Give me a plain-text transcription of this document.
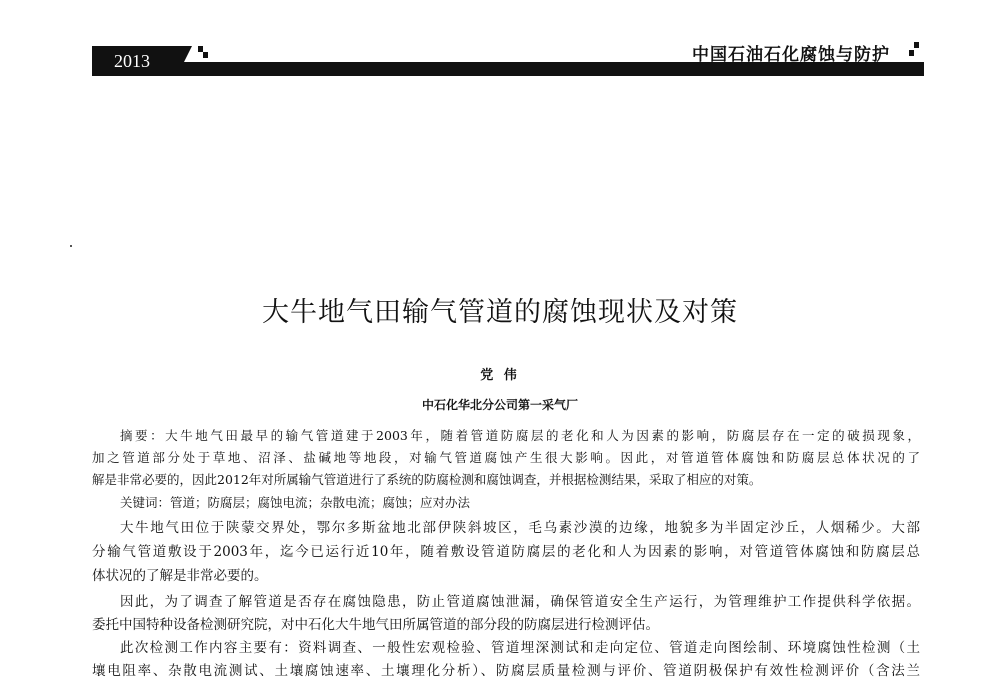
2013	中国石油石化腐蚀与防护
大牛地气田输气管道的腐蚀现状及对策
党 伟
中石化华北分公司第一采气厂
摘要：大牛地气田最早的输气管道建于2003年，随着管道防腐层的老化和人为因素的影响，防腐层存在一定的破损现象，
加之管道部分处于草地、沼泽、盐碱地等地段，对输气管道腐蚀产生很大影响。因此，对管道管体腐蚀和防腐层总体状况的了
解是非常必要的，因此2012年对所属输气管道进行了系统的防腐检测和腐蚀调查，并根据检测结果，采取了相应的对策。
关键词：管道；防腐层；腐蚀电流；杂散电流；腐蚀；应对办法
大牛地气田位于陕蒙交界处，鄂尔多斯盆地北部伊陕斜坡区，毛乌素沙漠的边缘，地貌多为半固定沙丘，人烟稀少。大部
分输气管道敷设于2003年，迄今已运行近10年，随着敷设管道防腐层的老化和人为因素的影响，对管道管体腐蚀和防腐层总
体状况的了解是非常必要的。
因此，为了调查了解管道是否存在腐蚀隐患，防止管道腐蚀泄漏，确保管道安全生产运行，为管理维护工作提供科学依据。
委托中国特种设备检测研究院，对中石化大牛地气田所属管道的部分段的防腐层进行检测评估。
此次检测工作内容主要有：资料调查、一般性宏观检验、管道埋深测试和走向定位、管道走向图绘制、环境腐蚀性检测（土
壤电阻率、杂散电流测试、土壤腐蚀速率、土壤理化分析）、防腐层质量检测与评价、管道阴极保护有效性检测评价（含法兰
